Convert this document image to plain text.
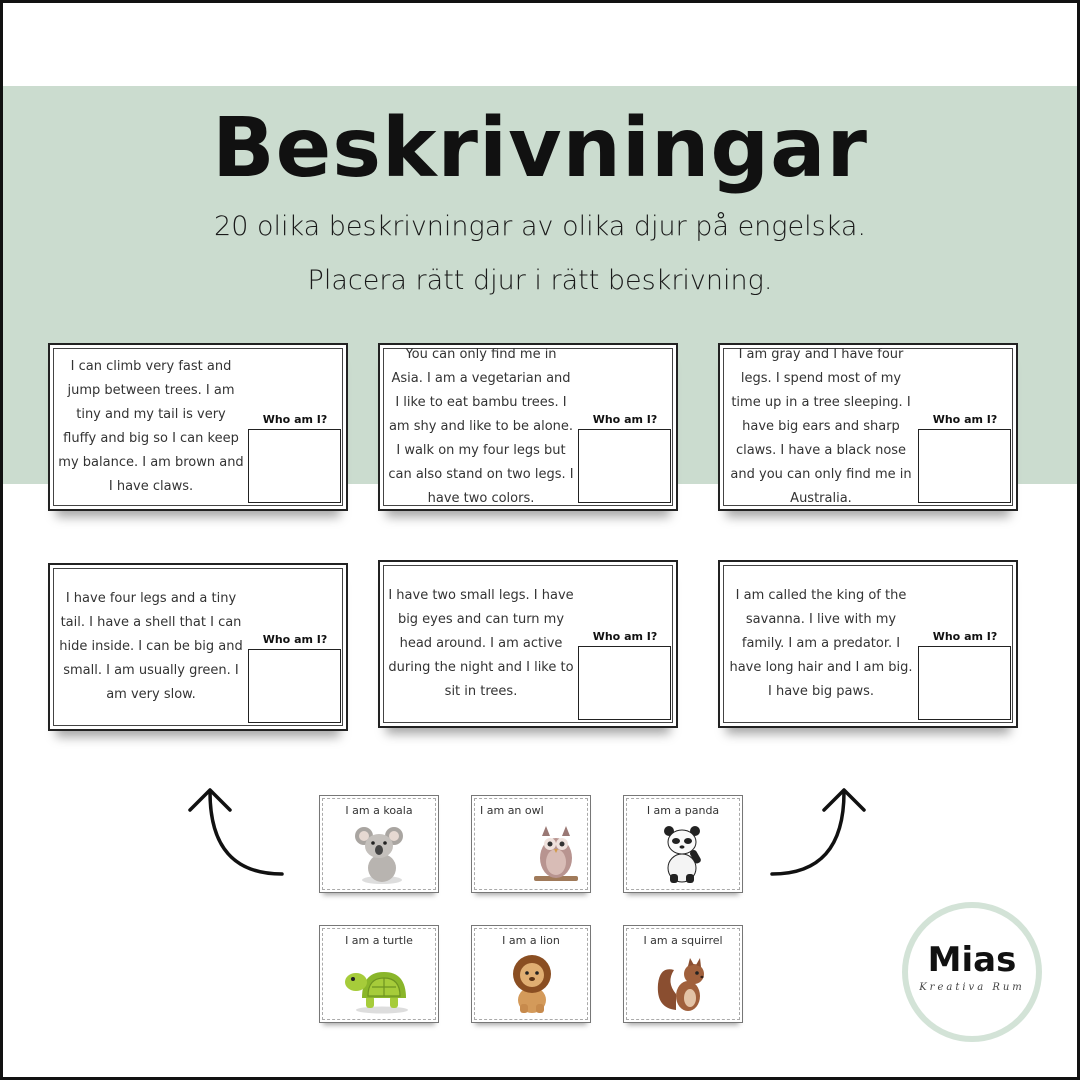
Beskrivningar
20 olika beskrivningar av olika djur på engelska.
Placera rätt djur i rätt beskrivning.
I can climb very fast and jump between trees. I am tiny and my tail is very fluffy and big so I can keep my balance. I am brown and I have claws.
Who am I?
You can only find me in Asia. I am a vegetarian and I like to eat bambu trees. I am shy and like to be alone. I walk on my four legs but can also stand on two legs. I have two colors.
Who am I?
I am gray and I have four legs. I spend most of my time up in a tree sleeping. I have big ears and sharp claws. I have a black nose and you can only find me in Australia.
Who am I?
I have four legs and a tiny tail. I have a shell that I can hide inside. I can be big and small. I am usually green. I am very slow.
Who am I?
I have two small legs. I have big eyes and can turn my head around. I am active during the night and I like to sit in trees.
Who am I?
I am called the king of the savanna. I live with my family. I am a predator. I have long hair and I am big. I have big paws.
Who am I?
I am a koala	I am an owl	I am a panda
I am a turtle	I am a lion	I am a squirrel	Mias
Kreativa Rum
